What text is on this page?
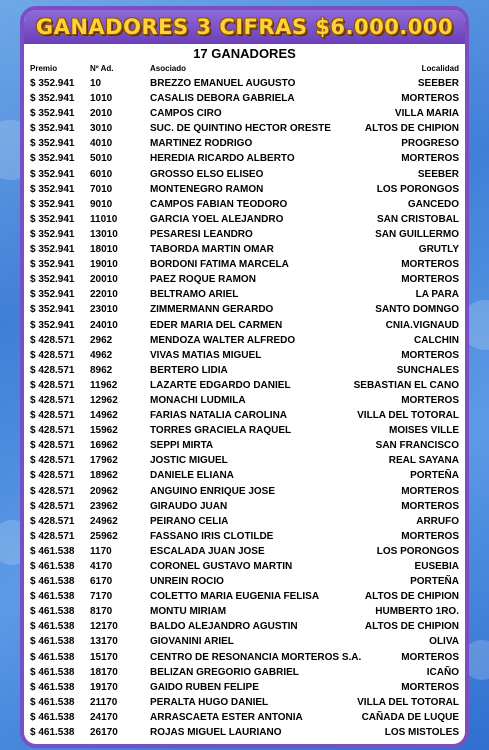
GANADORES 3 CIFRAS $6.000.000
17 GANADORES
Premio	Nº Ad.	Asociado	Localidad
$ 352.941 10	BREZZO EMANUEL AUGUSTO	SEEBER
$ 352.941 1010	CASALIS DEBORA GABRIELA	MORTEROS
$ 352.941 2010	CAMPOS CIRO	VILLA MARIA
$ 352.941 3010	SUC. DE QUINTINO HECTOR ORESTE	ALTOS DE CHIPION
$ 352.941 4010	MARTINEZ RODRIGO	PROGRESO
$ 352.941 5010	HEREDIA RICARDO ALBERTO	MORTEROS
$ 352.941 6010	GROSSO ELSO ELISEO	SEEBER
$ 352.941 7010	MONTENEGRO RAMON	LOS PORONGOS
$ 352.941 9010	CAMPOS FABIAN TEODORO	GANCEDO
$ 352.941 11010	GARCIA YOEL ALEJANDRO	SAN CRISTOBAL
$ 352.941 13010	PESARESI LEANDRO	SAN GUILLERMO
$ 352.941 18010	TABORDA MARTIN OMAR	GRUTLY
$ 352.941 19010	BORDONI FATIMA MARCELA	MORTEROS
$ 352.941 20010	PAEZ ROQUE RAMON	MORTEROS
$ 352.941 22010	BELTRAMO ARIEL	LA PARA
$ 352.941 23010	ZIMMERMANN GERARDO	SANTO DOMNGO
$ 352.941 24010	EDER MARIA DEL CARMEN	CNIA.VIGNAUD
$ 428.571 2962	MENDOZA WALTER ALFREDO	CALCHIN
$ 428.571 4962	VIVAS MATIAS MIGUEL	MORTEROS
$ 428.571 8962	BERTERO LIDIA	SUNCHALES
$ 428.571 11962	LAZARTE EDGARDO DANIEL	SEBASTIAN EL CANO
$ 428.571 12962	MONACHI LUDMILA	MORTEROS
$ 428.571 14962	FARIAS NATALIA CAROLINA	VILLA DEL TOTORAL
$ 428.571 15962	TORRES GRACIELA RAQUEL	MOISES VILLE
$ 428.571 16962	SEPPI MIRTA	SAN FRANCISCO
$ 428.571 17962	JOSTIC MIGUEL	REAL SAYANA
$ 428.571 18962	DANIELE ELIANA	PORTEÑA
$ 428.571 20962	ANGUINO ENRIQUE JOSE	MORTEROS
$ 428.571 23962	GIRAUDO JUAN	MORTEROS
$ 428.571 24962	PEIRANO CELIA	ARRUFO
$ 428.571 25962	FASSANO IRIS CLOTILDE	MORTEROS
$ 461.538 1170	ESCALADA JUAN JOSE	LOS PORONGOS
$ 461.538 4170	CORONEL GUSTAVO MARTIN	EUSEBIA
$ 461.538 6170	UNREIN ROCIO	PORTEÑA
$ 461.538 7170	COLETTO MARIA EUGENIA FELISA	ALTOS DE CHIPION
$ 461.538 8170	MONTU MIRIAM	HUMBERTO 1RO.
$ 461.538 12170	BALDO ALEJANDRO AGUSTIN	ALTOS DE CHIPION
$ 461.538 13170	GIOVANINI ARIEL	OLIVA
$ 461.538 15170	CENTRO DE RESONANCIA MORTEROS S.A.	MORTEROS
$ 461.538 18170	BELIZAN GREGORIO GABRIEL	ICAÑO
$ 461.538 19170	GAIDO RUBEN FELIPE	MORTEROS
$ 461.538 21170	PERALTA HUGO DANIEL	VILLA DEL TOTORAL
$ 461.538 24170	ARRASCAETA ESTER ANTONIA	CAÑADA DE LUQUE
$ 461.538 26170	ROJAS MIGUEL LAURIANO	LOS MISTOLES
